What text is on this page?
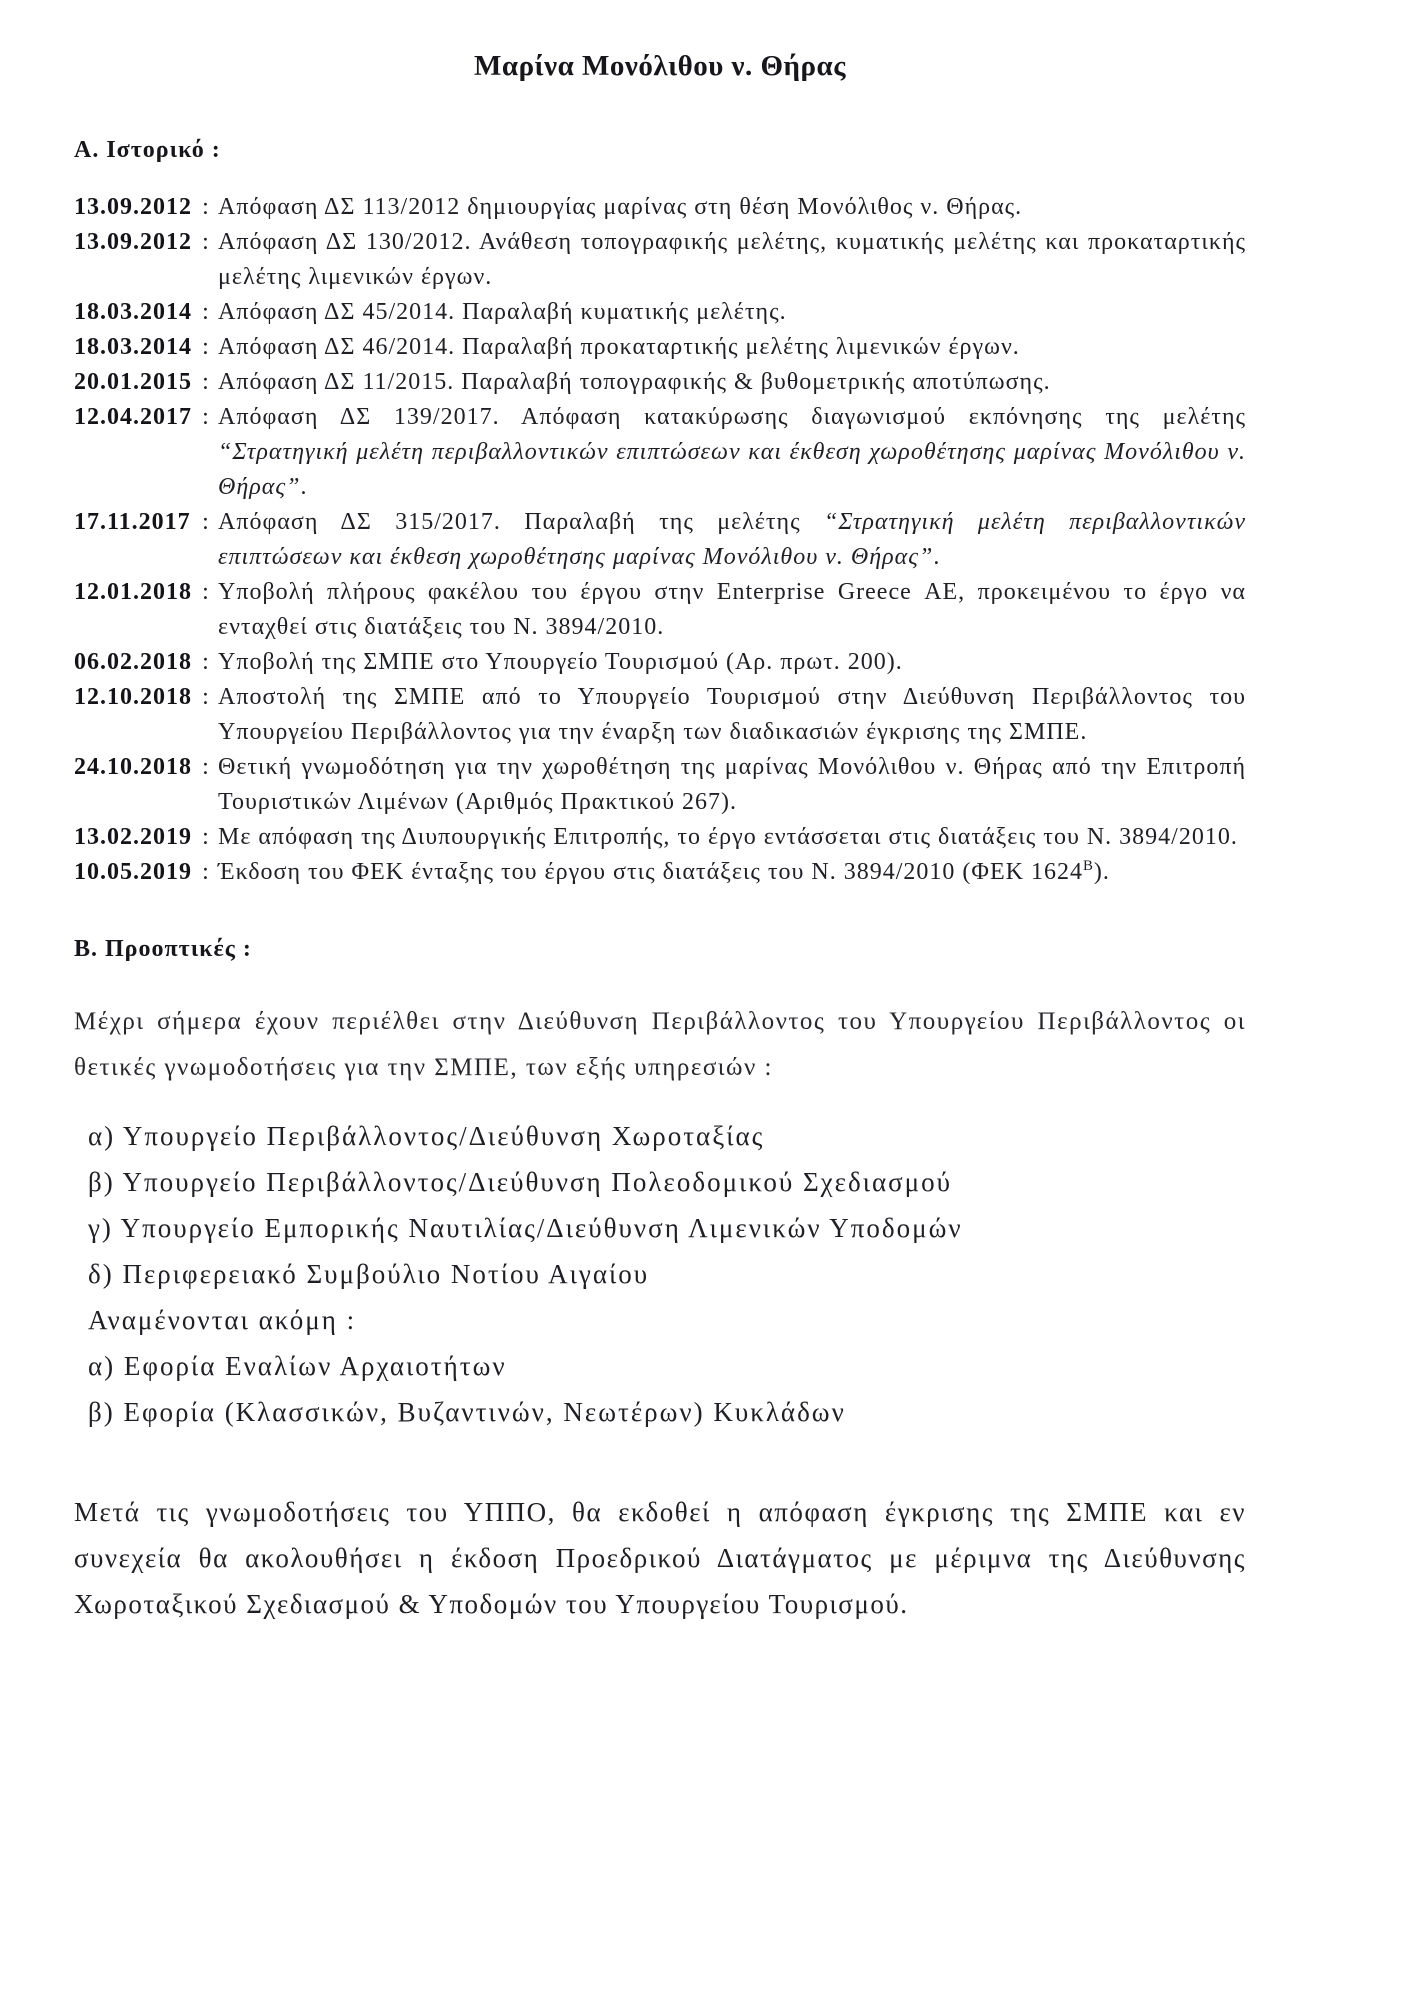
Μαρίνα Μονόλιθου ν. Θήρας
Α. Ιστορικό :
13.09.2012 : Απόφαση ΔΣ 113/2012 δημιουργίας μαρίνας στη θέση Μονόλιθος ν. Θήρας.

13.09.2012 : Απόφαση ΔΣ 130/2012. Ανάθεση τοπογραφικής μελέτης, κυματικής μελέτης και προκαταρτικής μελέτης λιμενικών έργων.

18.03.2014 : Απόφαση ΔΣ 45/2014. Παραλαβή κυματικής μελέτης.

18.03.2014 : Απόφαση ΔΣ 46/2014. Παραλαβή προκαταρτικής μελέτης λιμενικών έργων.

20.01.2015 : Απόφαση ΔΣ 11/2015. Παραλαβή τοπογραφικής & βυθομετρικής αποτύπωσης.

12.04.2017 : Απόφαση ΔΣ 139/2017. Απόφαση κατακύρωσης διαγωνισμού εκπόνησης της μελέτης “Στρατηγική μελέτη περιβαλλοντικών επιπτώσεων και έκθεση χωροθέτησης μαρίνας Μονόλιθου ν. Θήρας”.

17.11.2017 : Απόφαση ΔΣ 315/2017. Παραλαβή της μελέτης “Στρατηγική μελέτη περιβαλλοντικών επιπτώσεων και έκθεση χωροθέτησης μαρίνας Μονόλιθου ν. Θήρας”.

12.01.2018 : Υποβολή πλήρους φακέλου του έργου στην Enterprise Greece ΑΕ, προκειμένου το έργο να ενταχθεί στις διατάξεις του Ν. 3894/2010.

06.02.2018 : Υποβολή της ΣΜΠΕ στο Υπουργείο Τουρισμού (Αρ. πρωτ. 200).

12.10.2018 : Αποστολή της ΣΜΠΕ από το Υπουργείο Τουρισμού στην Διεύθυνση Περιβάλλοντος του Υπουργείου Περιβάλλοντος για την έναρξη των διαδικασιών έγκρισης της ΣΜΠΕ.

24.10.2018 : Θετική γνωμοδότηση για την χωροθέτηση της μαρίνας Μονόλιθου ν. Θήρας από την Επιτροπή Τουριστικών Λιμένων (Αριθμός Πρακτικού 267).

13.02.2019 : Με απόφαση της Διυπουργικής Επιτροπής, το έργο εντάσσεται στις διατάξεις του Ν. 3894/2010.

10.05.2019 : Έκδοση του ΦΕΚ ένταξης του έργου στις διατάξεις του Ν. 3894/2010 (ΦΕΚ $1624^B$).

Β. Προοπτικές :

Μέχρι σήμερα έχουν περιέλθει στην Διεύθυνση Περιβάλλοντος του Υπουργείου Περιβάλλοντος οι θετικές γνωμοδοτήσεις για την ΣΜΠΕ, των εξής υπηρεσιών :

α) Υπουργείο Περιβάλλοντος/Διεύθυνση Χωροταξίας

β) Υπουργείο Περιβάλλοντος/Διεύθυνση Πολεοδομικού Σχεδιασμού

γ) Υπουργείο Εμπορικής Ναυτιλίας/Διεύθυνση Λιμενικών Υποδομών

δ) Περιφερειακό Συμβούλιο Νοτίου Αιγαίου

Αναμένονται ακόμη :

α) Εφορία Εναλίων Αρχαιοτήτων

β) Εφορία (Κλασσικών, Βυζαντινών, Νεωτέρων) Κυκλάδων

Μετά τις γνωμοδοτήσεις του ΥΠΠΟ, θα εκδοθεί η απόφαση έγκρισης της ΣΜΠΕ και εν συνεχεία θα ακολουθήσει η έκδοση Προεδρικού Διατάγματος με μέριμνα της Διεύθυνσης Χωροταξικού Σχεδιασμού & Υποδομών του Υπουργείου Τουρισμού.
